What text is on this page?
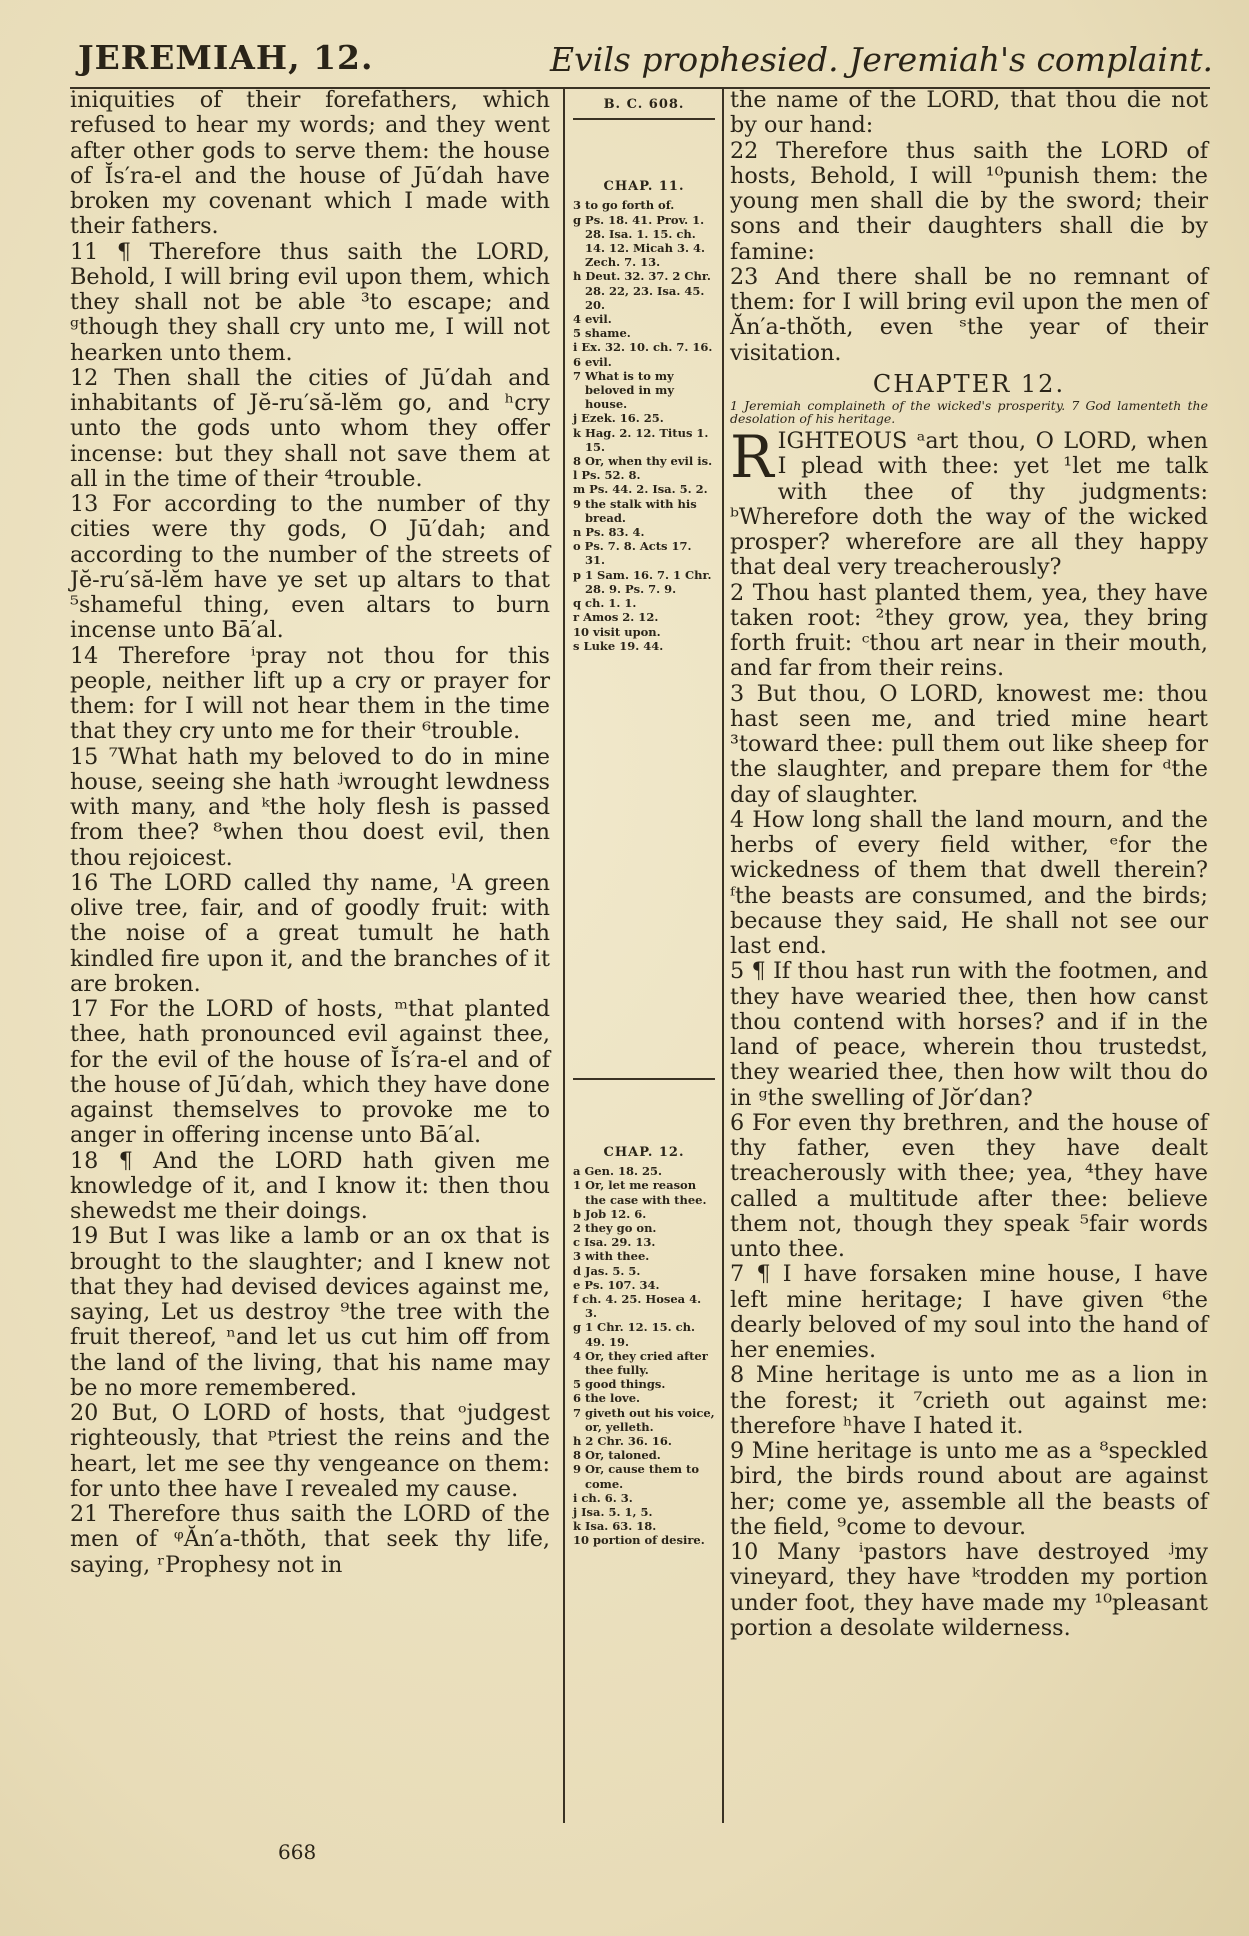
JEREMIAH, 12.	Evils prophesied. Jeremiah's complaint.

iniquities of their forefathers, which refused to hear my words; and they went after other gods to serve them: the house of Ĭs′ra-el and the house of Jū′dah have broken my covenant which I made with their fathers.

11 ¶ Therefore thus saith the LORD, Behold, I will bring evil upon them, which they shall not be able ³to escape; and ᵍthough they shall cry unto me, I will not hearken unto them.

12 Then shall the cities of Jū′dah and inhabitants of Jĕ-ru′să-lĕm go, and ʰcry unto the gods unto whom they offer incense: but they shall not save them at all in the time of their ⁴trouble.

13 For according to the number of thy cities were thy gods, O Jū′dah; and according to the number of the streets of Jĕ-ru′să-lĕm have ye set up altars to that ⁵shameful thing, even altars to burn incense unto Bā′al.

14 Therefore ⁱpray not thou for this people, neither lift up a cry or prayer for them: for I will not hear them in the time that they cry unto me for their ⁶trouble.

15 ⁷What hath my beloved to do in mine house, seeing she hath ʲwrought lewdness with many, and ᵏthe holy flesh is passed from thee? ⁸when thou doest evil, then thou rejoicest.

16 The LORD called thy name, ˡA green olive tree, fair, and of goodly fruit: with the noise of a great tumult he hath kindled fire upon it, and the branches of it are broken.

17 For the LORD of hosts, ᵐthat planted thee, hath pronounced evil against thee, for the evil of the house of Ĭs′ra-el and of the house of Jū′dah, which they have done against themselves to provoke me to anger in offering incense unto Bā′al.

18 ¶ And the LORD hath given me knowledge of it, and I know it: then thou shewedst me their doings.

19 But I was like a lamb or an ox that is brought to the slaughter; and I knew not that they had devised devices against me, saying, Let us destroy ⁹the tree with the fruit thereof, ⁿand let us cut him off from the land of the living, that his name may be no more remembered.

20 But, O LORD of hosts, that ᵒjudgest righteously, that ᵖtriest the reins and the heart, let me see thy vengeance on them: for unto thee have I revealed my cause.

21 Therefore thus saith the LORD of the men of ᵠĂn′a-thŏth, that seek thy life, saying, ʳProphesy not in

B. C. 608.
CHAP. 11.

3 to go forth of.

g Ps. 18. 41. Prov. 1. 28. Isa. 1. 15. ch. 14. 12. Micah 3. 4. Zech. 7. 13.

h Deut. 32. 37. 2 Chr. 28. 22, 23. Isa. 45. 20.

4 evil.

5 shame.

i Ex. 32. 10. ch. 7. 16.

6 evil.

7 What is to my beloved in my house.

j Ezek. 16. 25.

k Hag. 2. 12. Titus 1. 15.

8 Or, when thy evil is.

l Ps. 52. 8.

m Ps. 44. 2. Isa. 5. 2.

9 the stalk with his bread.

n Ps. 83. 4.

o Ps. 7. 8. Acts 17. 31.

p 1 Sam. 16. 7. 1 Chr. 28. 9. Ps. 7. 9.

q ch. 1. 1.

r Amos 2. 12.

10 visit upon.

s Luke 19. 44.

CHAP. 12.

a Gen. 18. 25.

1 Or, let me reason the case with thee.

b Job 12. 6.

2 they go on.

c Isa. 29. 13.

3 with thee.

d Jas. 5. 5.

e Ps. 107. 34.

f ch. 4. 25. Hosea 4. 3.

g 1 Chr. 12. 15. ch. 49. 19.

4 Or, they cried after thee fully.

5 good things.

6 the love.

7 giveth out his voice, or, yelleth.

h 2 Chr. 36. 16.

8 Or, taloned.

9 Or, cause them to come.

i ch. 6. 3.

j Isa. 5. 1, 5.

k Isa. 63. 18.

10 portion of desire.

the name of the LORD, that thou die not by our hand:

22 Therefore thus saith the LORD of hosts, Behold, I will ¹⁰punish them: the young men shall die by the sword; their sons and their daughters shall die by famine:

23 And there shall be no remnant of them: for I will bring evil upon the men of Ăn′a-thŏth, even ˢthe year of their visitation.

CHAPTER 12.
1 Jeremiah complaineth of the wicked's prosperity. 7 God lamenteth the desolation of his heritage.

RIGHTEOUS ᵃart thou, O LORD, when I plead with thee: yet ¹let me talk with thee of thy judgments: ᵇWherefore doth the way of the wicked prosper? wherefore are all they happy that deal very treacherously?

2 Thou hast planted them, yea, they have taken root: ²they grow, yea, they bring forth fruit: ᶜthou art near in their mouth, and far from their reins.

3 But thou, O LORD, knowest me: thou hast seen me, and tried mine heart ³toward thee: pull them out like sheep for the slaughter, and prepare them for ᵈthe day of slaughter.

4 How long shall the land mourn, and the herbs of every field wither, ᵉfor the wickedness of them that dwell therein? ᶠthe beasts are consumed, and the birds; because they said, He shall not see our last end.

5 ¶ If thou hast run with the footmen, and they have wearied thee, then how canst thou contend with horses? and if in the land of peace, wherein thou trustedst, they wearied thee, then how wilt thou do in ᵍthe swelling of Jŏr′dan?

6 For even thy brethren, and the house of thy father, even they have dealt treacherously with thee; yea, ⁴they have called a multitude after thee: believe them not, though they speak ⁵fair words unto thee.

7 ¶ I have forsaken mine house, I have left mine heritage; I have given ⁶the dearly beloved of my soul into the hand of her enemies.

8 Mine heritage is unto me as a lion in the forest; it ⁷crieth out against me: therefore ʰhave I hated it.

9 Mine heritage is unto me as a ⁸speckled bird, the birds round about are against her; come ye, assemble all the beasts of the field, ⁹come to devour.

10 Many ⁱpastors have destroyed ʲmy vineyard, they have ᵏtrodden my portion under foot, they have made my ¹⁰pleasant portion a desolate wilderness.

668
